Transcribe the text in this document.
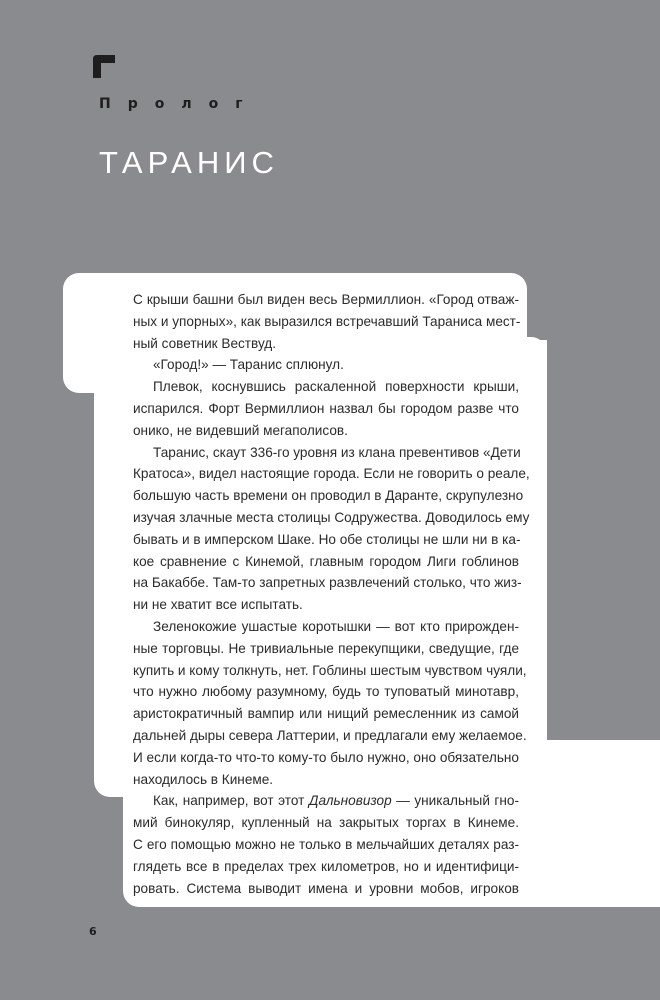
Пролог
ТАРАНИС
С крыши башни был виден весь Вермиллион. «Город отваж-
ных и упорных», как выразился встречавший Тараниса мест-
ный советник Вествуд.
«Город!» — Таранис сплюнул.
Плевок, коснувшись раскаленной поверхности крыши,
испарился. Форт Вермиллион назвал бы городом разве что
онико, не видевший мегаполисов.
Таранис, скаут 336-го уровня из клана превентивов «Дети
Кратоса», видел настоящие города. Если не говорить о реале,
большую часть времени он проводил в Даранте, скрупулезно
изучая злачные места столицы Содружества. Доводилось ему
бывать и в имперском Шаке. Но обе столицы не шли ни в ка-
кое сравнение с Кинемой, главным городом Лиги гоблинов
на Бакаббе. Там-то запретных развлечений столько, что жиз-
ни не хватит все испытать.
Зеленокожие ушастые коротышки — вот кто прирожден-
ные торговцы. Не тривиальные перекупщики, сведущие, где
купить и кому толкнуть, нет. Гоблины шестым чувством чуяли,
что нужно любому разумному, будь то туповатый минотавр,
аристократичный вампир или нищий ремесленник из самой
дальней дыры севера Латтерии, и предлагали ему желаемое.
И если когда-то что-то кому-то было нужно, оно обязательно
находилось в Кинеме.
Как, например, вот этот Дальновизор — уникальный гно-
мий бинокуляр, купленный на закрытых торгах в Кинеме.
С его помощью можно не только в мельчайших деталях раз-
глядеть все в пределах трех километров, но и идентифици-
ровать. Система выводит имена и уровни мобов, игроков
6
